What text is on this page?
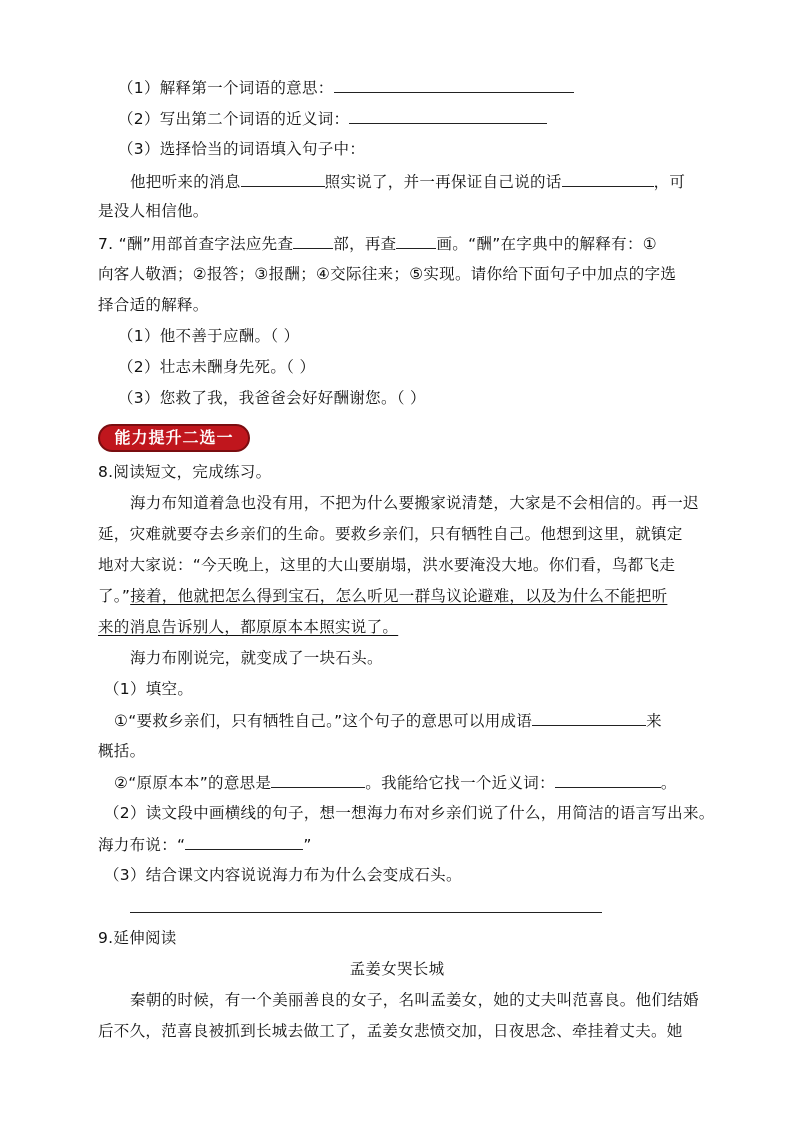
（1）解释第一个词语的意思：
（2）写出第二个词语的近义词：
（3）选择恰当的词语填入句子中：
他把听来的消息	照实说了，并一再保证自己说的话	，可
是没人相信他。
7. “酬”用部首查字法应先查	部，再查	画。“酬”在字典中的解释有：①
向客人敬酒；②报答；③报酬；④交际往来；⑤实现。请你给下面句子中加点的字选
择合适的解释。
（1）他不善于应酬。（ ）
（2）壮志未酬身先死。（ ）
（3）您救了我，我爸爸会好好酬谢您。（ ）
能力提升二选一
8.阅读短文，完成练习。
海力布知道着急也没有用，不把为什么要搬家说清楚，大家是不会相信的。再一迟
延，灾难就要夺去乡亲们的生命。要救乡亲们，只有牺牲自己。他想到这里，就镇定
地对大家说：“今天晚上，这里的大山要崩塌，洪水要淹没大地。你们看，鸟都飞走
了。”接着，他就把怎么得到宝石，怎么听见一群鸟议论避难，以及为什么不能把听
来的消息告诉别人，都原原本本照实说了。
海力布刚说完，就变成了一块石头。
（1）填空。
①“要救乡亲们，只有牺牲自己。”这个句子的意思可以用成语	来
概括。
②“原原本本”的意思是	。我能给它找一个近义词：	。
（2）读文段中画横线的句子，想一想海力布对乡亲们说了什么，用简洁的语言写出来。
海力布说：“	”
（3）结合课文内容说说海力布为什么会变成石头。
9.延伸阅读
孟姜女哭长城
秦朝的时候，有一个美丽善良的女子，名叫孟姜女，她的丈夫叫范喜良。他们结婚
后不久，范喜良被抓到长城去做工了，孟姜女悲愤交加，日夜思念、牵挂着丈夫。她
